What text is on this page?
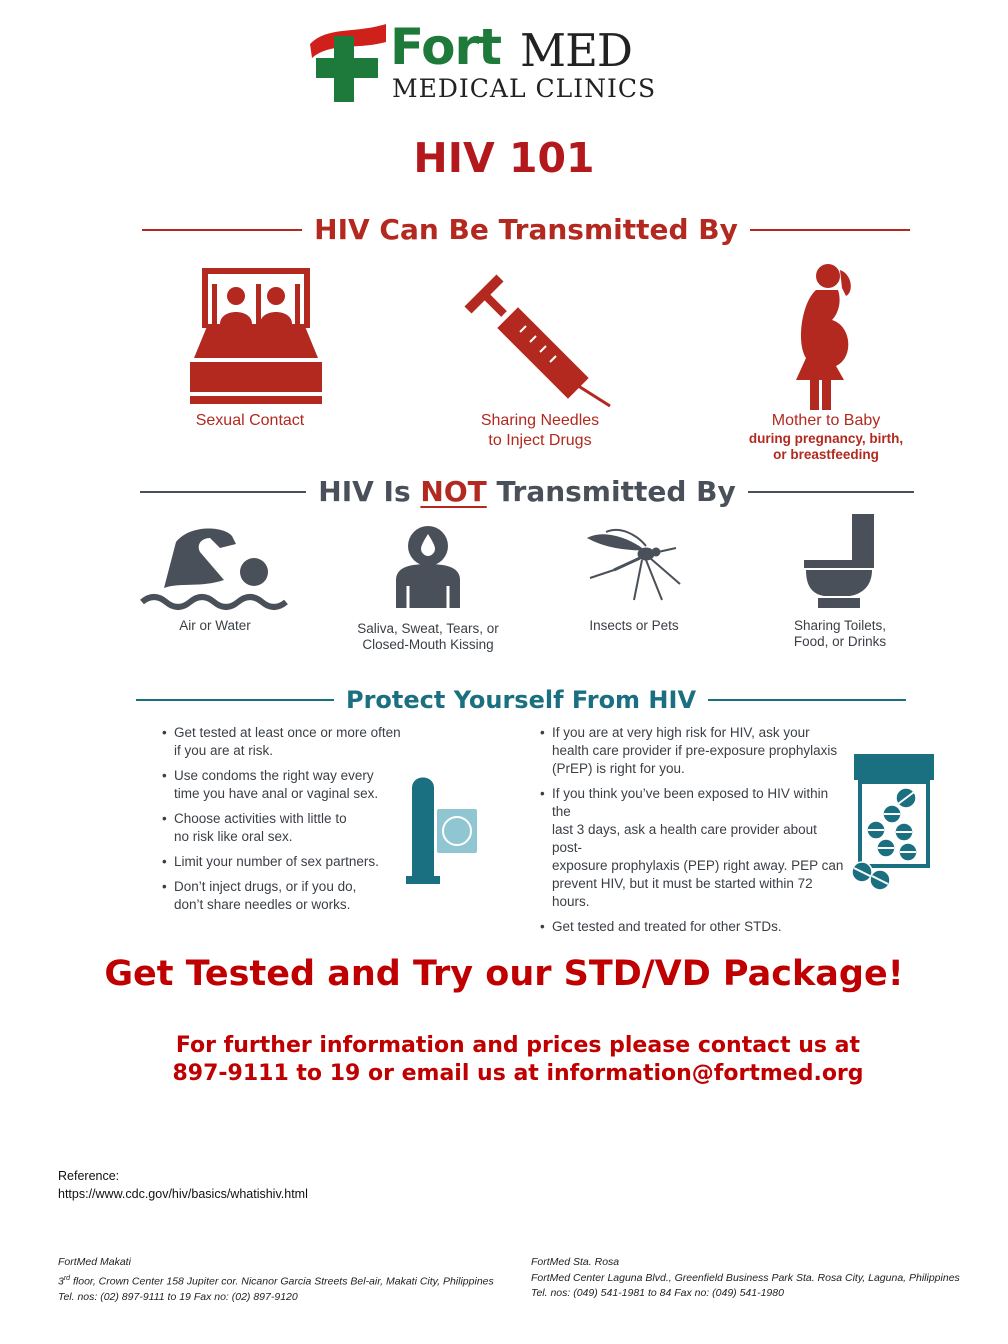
Fort MED
MEDICAL CLINICS
HIV 101
HIV Can Be Transmitted By
Sexual Contact	Sharing Needles
to Inject Drugs
Mother to Baby
during pregnancy, birth,
or breastfeeding
HIV Is NOT Transmitted By
Air or Water	Saliva, Sweat, Tears, or
Closed-Mouth Kissing
Insects or Pets	Sharing Toilets,
Food, or Drinks
Protect Yourself From HIV
• Get tested at least once or more often
if you are at risk.
• Use condoms the right way every
time you have anal or vaginal sex.
• Choose activities with little to
no risk like oral sex.
• Limit your number of sex partners.
• Don’t inject drugs, or if you do,
don’t share needles or works.
• If you are at very high risk for HIV, ask your
health care provider if pre-exposure prophylaxis
(PrEP) is right for you.
• If you think you’ve been exposed to HIV within the
last 3 days, ask a health care provider about post-
exposure prophylaxis (PEP) right away. PEP can
prevent HIV, but it must be started within 72 hours.
• Get tested and treated for other STDs.
Get Tested and Try our STD/VD Package!
For further information and prices please contact us at
897-9111 to 19 or email us at information@fortmed.org
Reference:
https://www.cdc.gov/hiv/basics/whatishiv.html
FortMed Makati
3rd floor, Crown Center 158 Jupiter cor. Nicanor Garcia Streets Bel-air, Makati City, Philippines
Tel. nos: (02) 897-9111 to 19 Fax no: (02) 897-9120
FortMed Sta. Rosa
FortMed Center Laguna Blvd., Greenfield Business Park Sta. Rosa City, Laguna, Philippines
Tel. nos: (049) 541-1981 to 84 Fax no: (049) 541-1980
